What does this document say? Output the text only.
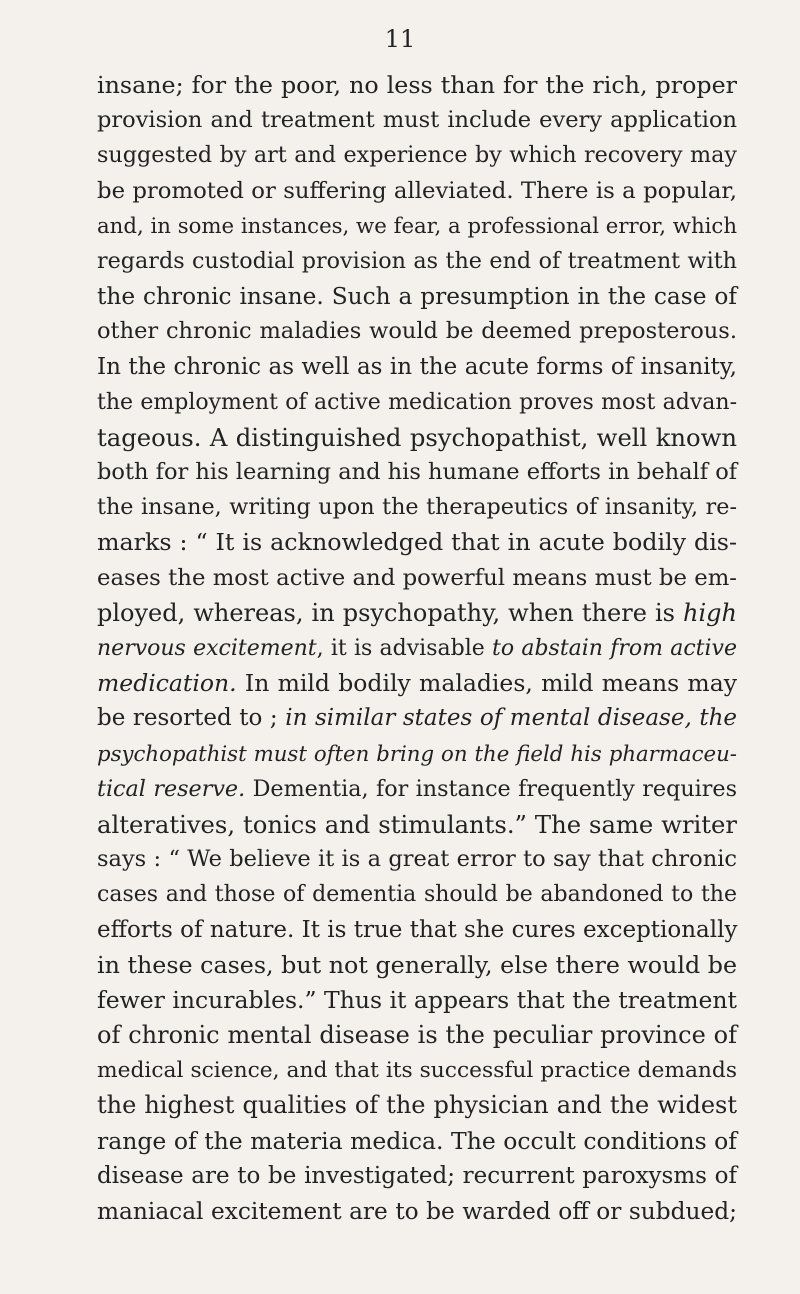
11
insane; for the poor, no less than for the rich, proper
provision and treatment must include every application
suggested by art and experience by which recovery may
be promoted or suffering alleviated. There is a popular,
and, in some instances, we fear, a professional error, which
regards custodial provision as the end of treatment with
the chronic insane. Such a presumption in the case of
other chronic maladies would be deemed preposterous.
In the chronic as well as in the acute forms of insanity,
the employment of active medication proves most advan-
tageous. A distinguished psychopathist, well known
both for his learning and his humane efforts in behalf of
the insane, writing upon the therapeutics of insanity, re-
marks : “ It is acknowledged that in acute bodily dis-
eases the most active and powerful means must be em-
ployed, whereas, in psychopathy, when there is high
nervous excitement, it is advisable to abstain from active
medication. In mild bodily maladies, mild means may
be resorted to ; in similar states of mental disease, the
psychopathist must often bring on the field his pharmaceu-
tical reserve. Dementia, for instance frequently requires
alteratives, tonics and stimulants.” The same writer
says : “ We believe it is a great error to say that chronic
cases and those of dementia should be abandoned to the
efforts of nature. It is true that she cures exceptionally
in these cases, but not generally, else there would be
fewer incurables.” Thus it appears that the treatment
of chronic mental disease is the peculiar province of
medical science, and that its successful practice demands
the highest qualities of the physician and the widest
range of the materia medica. The occult conditions of
disease are to be investigated; recurrent paroxysms of
maniacal excitement are to be warded off or subdued;
